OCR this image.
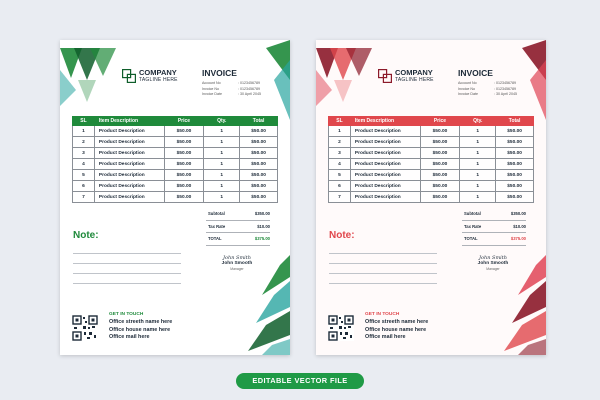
COMPANY
TAGLINE HERE
INVOICE
Account No	: 0123456789
Invoice No	: 0123456789
Invoice Date	: 30 April 2045
SL	Item Description	Price	Qty.	Total
1	Product Description	$50.00	1	$50.00
2	Product Description	$50.00	1	$50.00
3	Product Description	$50.00	1	$50.00
4	Product Description	$50.00	1	$50.00
5	Product Description	$50.00	1	$50.00
6	Product Description	$50.00	1	$50.00
7	Product Description	$50.00	1	$50.00
Subtotal	$350.00
Tax Rate	$10.00
TOTAL	$375.00
Note:
John Smith
John Smooth
Manager
GET IN TOUCH
Office streeth name here
Office house name here
Office mail here
COMPANY
TAGLINE HERE
INVOICE
Account No	: 0123456789
Invoice No	: 0123456789
Invoice Date	: 30 April 2045
SL	Item Description	Price	Qty.	Total
1	Product Description	$50.00	1	$50.00
2	Product Description	$50.00	1	$50.00
3	Product Description	$50.00	1	$50.00
4	Product Description	$50.00	1	$50.00
5	Product Description	$50.00	1	$50.00
6	Product Description	$50.00	1	$50.00
7	Product Description	$50.00	1	$50.00
Subtotal	$350.00
Tax Rate	$10.00
TOTAL	$375.00
Note:
John Smith
John Smooth
Manager
GET IN TOUCH
Office streeth name here
Office house name here
Office mail here
EDITABLE VECTOR FILE
